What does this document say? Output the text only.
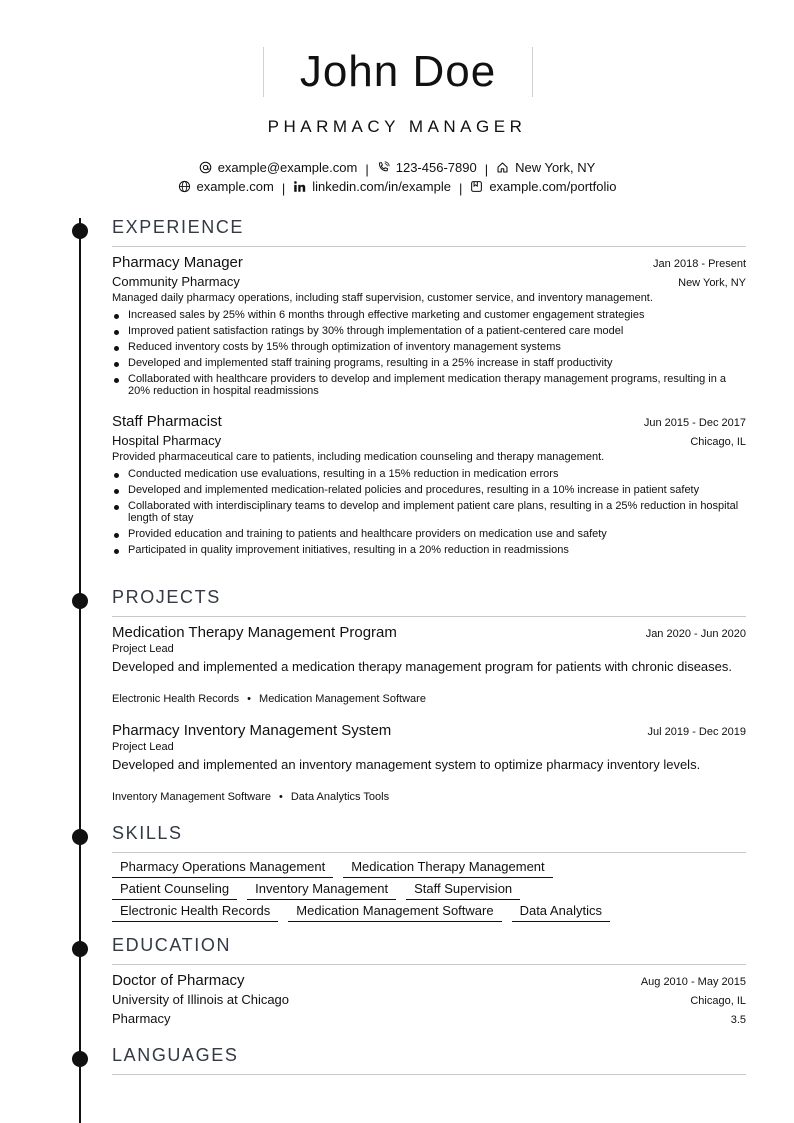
John Doe
PHARMACY MANAGER
example@example.com | 123-456-7890 | New York, NY
example.com | linkedin.com/in/example | example.com/portfolio
EXPERIENCE
Pharmacy Manager	Jan 2018 - Present
Community Pharmacy	New York, NY
Managed daily pharmacy operations, including staff supervision, customer service, and inventory management.
Increased sales by 25% within 6 months through effective marketing and customer engagement strategies
Improved patient satisfaction ratings by 30% through implementation of a patient-centered care model
Reduced inventory costs by 15% through optimization of inventory management systems
Developed and implemented staff training programs, resulting in a 25% increase in staff productivity
Collaborated with healthcare providers to develop and implement medication therapy management programs, resulting in a 20% reduction in hospital readmissions
Staff Pharmacist	Jun 2015 - Dec 2017
Hospital Pharmacy	Chicago, IL
Provided pharmaceutical care to patients, including medication counseling and therapy management.
Conducted medication use evaluations, resulting in a 15% reduction in medication errors
Developed and implemented medication-related policies and procedures, resulting in a 10% increase in patient safety
Collaborated with interdisciplinary teams to develop and implement patient care plans, resulting in a 25% reduction in hospital length of stay
Provided education and training to patients and healthcare providers on medication use and safety
Participated in quality improvement initiatives, resulting in a 20% reduction in readmissions
PROJECTS
Medication Therapy Management Program	Jan 2020 - Jun 2020
Project Lead
Developed and implemented a medication therapy management program for patients with chronic diseases.
Electronic Health Records • Medication Management Software
Pharmacy Inventory Management System	Jul 2019 - Dec 2019
Project Lead
Developed and implemented an inventory management system to optimize pharmacy inventory levels.
Inventory Management Software • Data Analytics Tools
SKILLS
Pharmacy Operations Management	Medication Therapy Management
Patient Counseling	Inventory Management	Staff Supervision
Electronic Health Records	Medication Management Software	Data Analytics
EDUCATION
Doctor of Pharmacy	Aug 2010 - May 2015
University of Illinois at Chicago	Chicago, IL
Pharmacy	3.5
LANGUAGES
